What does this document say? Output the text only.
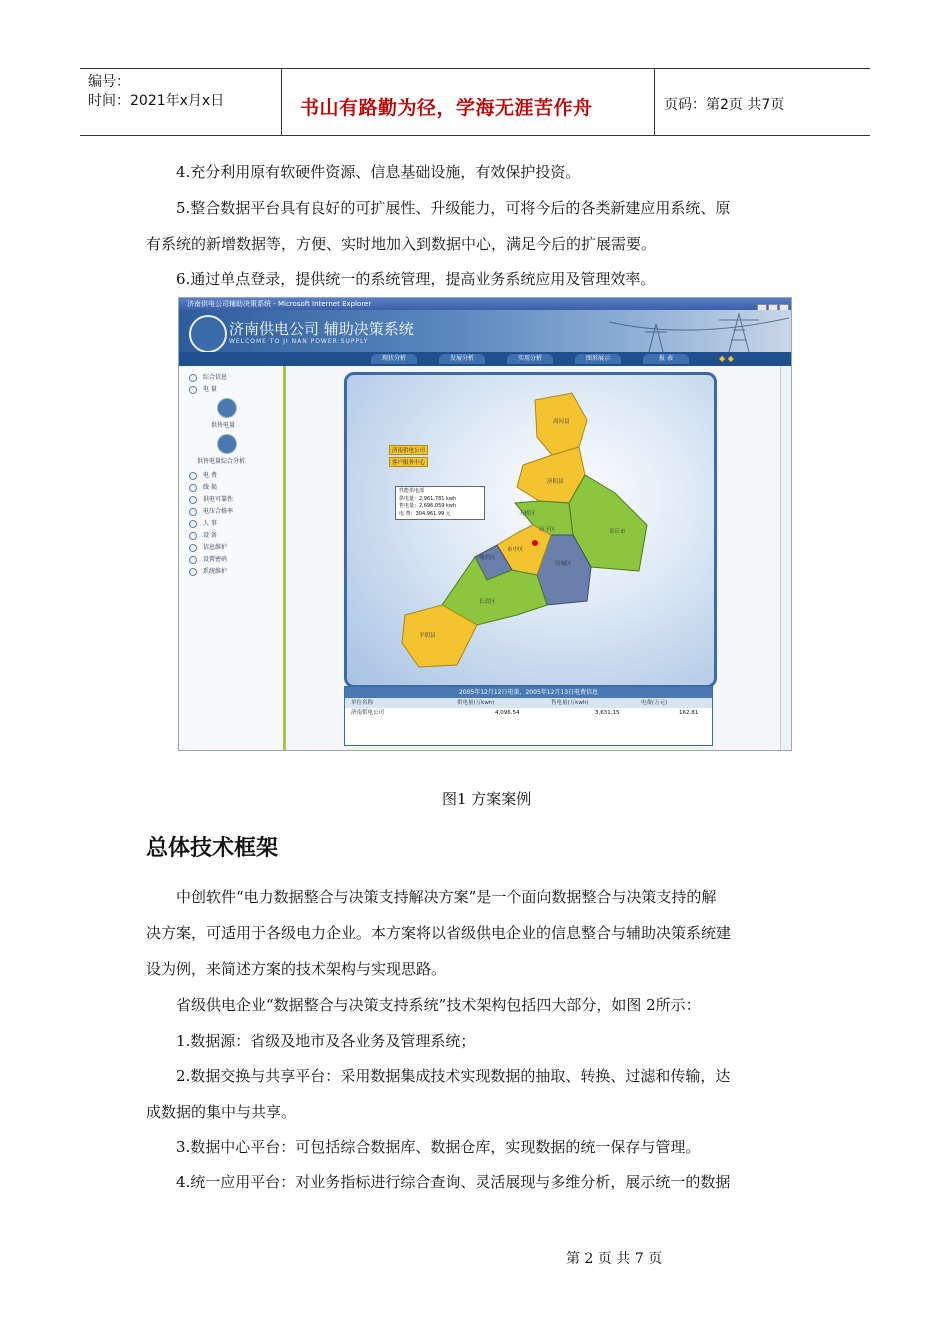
编号：
时间：2021年x月x日	书山有路勤为径，学海无涯苦作舟	页码：第2页 共7页
4.充分利用原有软硬件资源、信息基础设施，有效保护投资。
5.整合数据平台具有良好的可扩展性、升级能力，可将今后的各类新建应用系统、原
有系统的新增数据等，方便、实时地加入到数据中心，满足今后的扩展需要。
6.通过单点登录，提供统一的系统管理，提高业务系统应用及管理效率。
济南供电公司辅助决策系统 - Microsoft Internet Explorer
济南供电公司 辅助决策系统
WELCOME TO JI NAN POWER SUPPLY
现状分析	发展分析	实用分析	图形展示	报 表	◆ ◆
综合信息
电 量
供售电量
供售电量综合分析
电 费
线 损
供电可靠性
电压合格率
人 事
设 备
信息维护
设置密码
系统维护
商河县
济阳县
天桥区
槐荫区
市中区
历下区
历城区
章丘市
长清区
平阴县
济南供电公司
客户服务中心
性能供电部
供电量：2,961,781 kwh
售电量：2,696,059 kwh
电 费：304,961.99 元
2005年12月12日电量，2005年12月13日电费信息
单位名称	供电量(万kwh)	售电量(万kwh)	电费(万元)
济南供电公司	4,096.54	3,631.15	162.81
图1 方案案例
总体技术框架
中创软件“电力数据整合与决策支持解决方案”是一个面向数据整合与决策支持的解
决方案，可适用于各级电力企业。本方案将以省级供电企业的信息整合与辅助决策系统建
设为例，来简述方案的技术架构与实现思路。
省级供电企业“数据整合与决策支持系统”技术架构包括四大部分，如图 2所示：
1.数据源：省级及地市及各业务及管理系统；
2.数据交换与共享平台：采用数据集成技术实现数据的抽取、转换、过滤和传输，达
成数据的集中与共享。
3.数据中心平台：可包括综合数据库、数据仓库，实现数据的统一保存与管理。
4.统一应用平台：对业务指标进行综合查询、灵活展现与多维分析，展示统一的数据
第 2 页 共 7 页
